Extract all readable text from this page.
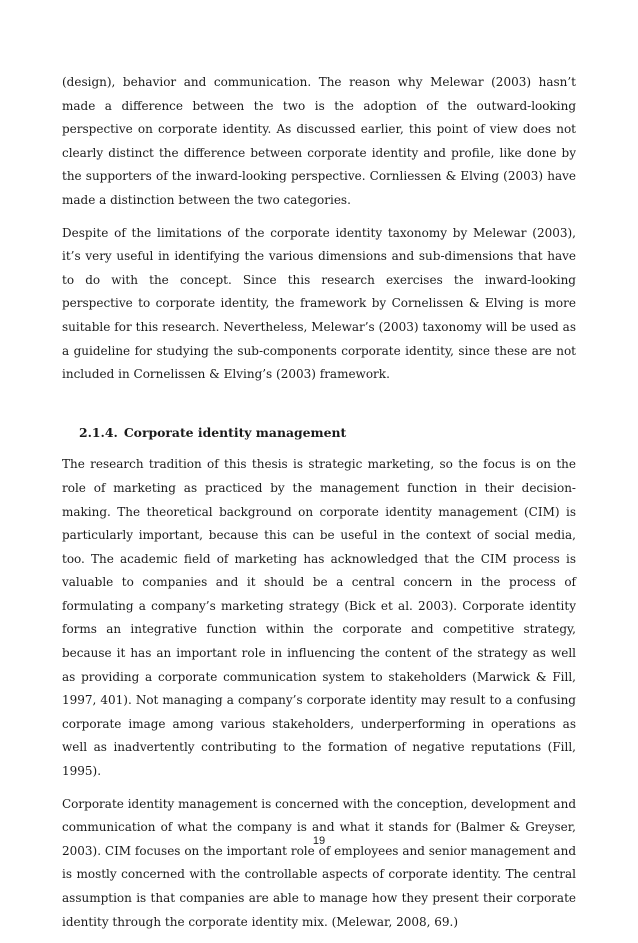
(design), behavior and communication. The reason why Melewar (2003) hasn’t made a difference between the two is the adoption of the outward-looking perspective on corporate identity. As discussed earlier, this point of view does not clearly distinct the difference between corporate identity and profile, like done by the supporters of the inward-looking perspective. Cornliessen & Elving (2003) have made a distinction between the two categories.

Despite of the limitations of the corporate identity taxonomy by Melewar (2003), it’s very useful in identifying the various dimensions and sub-dimensions that have to do with the concept. Since this research exercises the inward-looking perspective to corporate identity, the framework by Cornelissen & Elving is more suitable for this research. Nevertheless, Melewar’s (2003) taxonomy will be used as a guideline for studying the sub-components corporate identity, since these are not included in Cornelissen & Elving’s (2003) framework.

2.1.4. Corporate identity management

The research tradition of this thesis is strategic marketing, so the focus is on the role of marketing as practiced by the management function in their decision-making. The theoretical background on corporate identity management (CIM) is particularly important, because this can be useful in the context of social media, too. The academic field of marketing has acknowledged that the CIM process is valuable to companies and it should be a central concern in the process of formulating a company’s marketing strategy (Bick et al. 2003). Corporate identity forms an integrative function within the corporate and competitive strategy, because it has an important role in influencing the content of the strategy as well as providing a corporate communication system to stakeholders (Marwick & Fill, 1997, 401). Not managing a company’s corporate identity may result to a confusing corporate image among various stakeholders, underperforming in operations as well as inadvertently contributing to the formation of negative reputations (Fill, 1995).

Corporate identity management is concerned with the conception, development and communication of what the company is and what it stands for (Balmer & Greyser, 2003). CIM focuses on the important role of employees and senior management and is mostly concerned with the controllable aspects of corporate identity. The central assumption is that companies are able to manage how they present their corporate identity through the corporate identity mix. (Melewar, 2008, 69.)

19
